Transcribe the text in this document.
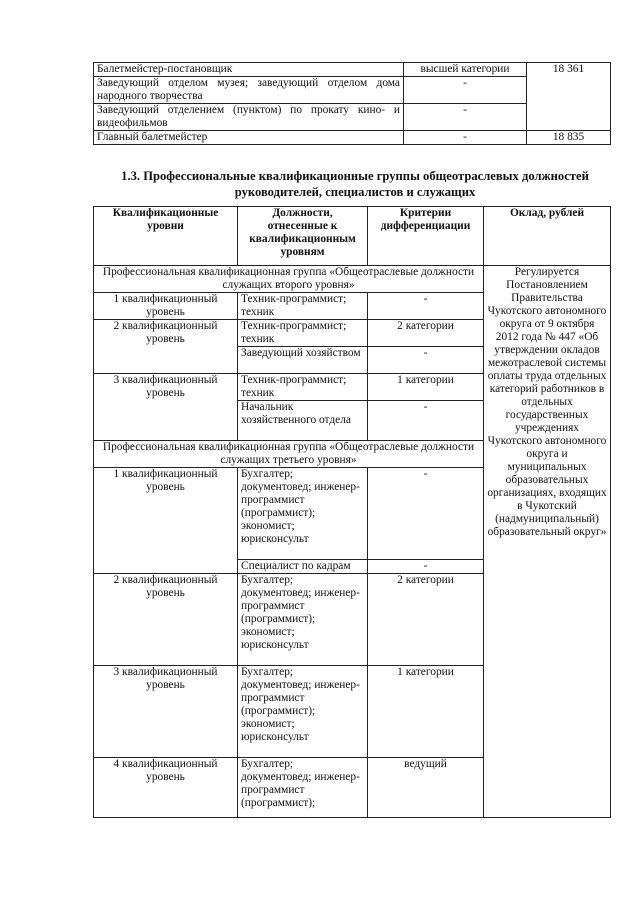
Балетмейстер-постановщик	высшей категории	18 361
Заведующий отделом музея; заведующий отделом дома народного творчества	-	
Заведующий отделением (пунктом) по прокату кино- и видеофильмов	-	
Главный балетмейстер	-	18 835
1.3. Профессиональные квалификационные группы общеотраслевых должностей руководителей, специалистов и служащих
Квалификационные уровни	Должности, отнесенные к квалификационным уровням	Критерии дифференциации	Оклад, рублей
Профессиональная квалификационная группа «Общеотраслевые должности служащих второго уровня»			Регулируется Постановлением Правительства Чукотского автономного округа от 9 октября 2012 года № 447 «Об утверждении окладов межотраслевой системы оплаты труда отдельных категорий работников в отдельных государственных учреждениях Чукотского автономного округа и муниципальных образовательных организациях, входящих в Чукотский (надмуниципальный) образовательный округ»
1 квалификационный уровень	Техник-программист; техник	-	
2 квалификационный уровень	Техник-программист; техник	2 категории	
	Заведующий хозяйством	-	
3 квалификационный уровень	Техник-программист; техник	1 категории	
	Начальник хозяйственного отдела	-	
Профессиональная квалификационная группа «Общеотраслевые должности служащих третьего уровня»			
1 квалификационный уровень	Бухгалтер; документовед; инженер-программист (программист); экономист; юрисконсульт	-	
	Специалист по кадрам	-	
2 квалификационный уровень	Бухгалтер; документовед; инженер-программист (программист); экономист; юрисконсульт	2 категории	
3 квалификационный уровень	Бухгалтер; документовед; инженер-программист (программист); экономист; юрисконсульт	1 категории	
4 квалификационный уровень	Бухгалтер; документовед; инженер-программист (программист);	ведущий	
